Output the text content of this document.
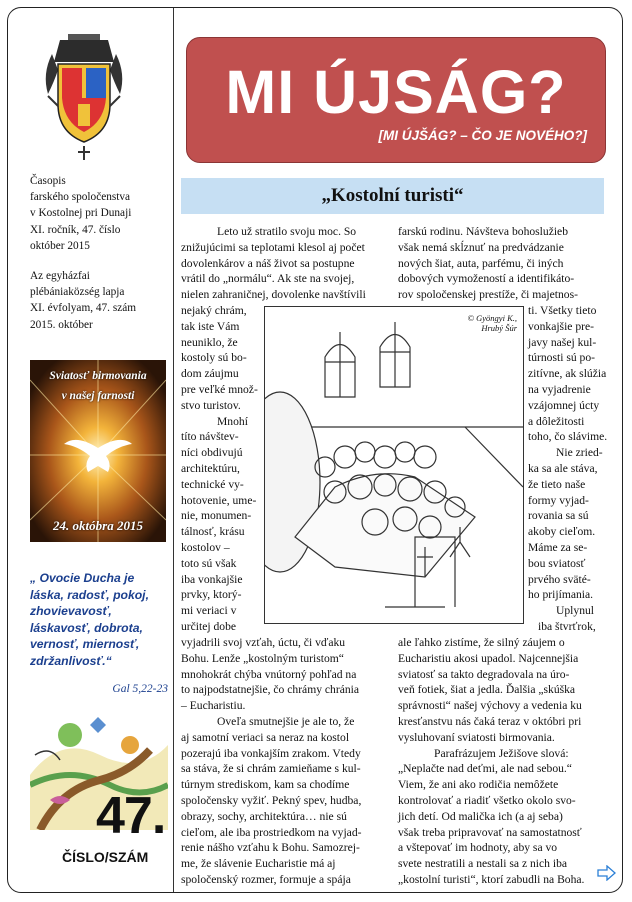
Časopis
farského spoločenstva
v Kostolnej pri Dunaji
XI. ročník, 47. číslo
október 2015
Az egyházfai
plébániaközség lapja
XI. évfolyam, 47. szám
2015. október
Sviatosť birmovania
v našej farnosti
24. októbra 2015
„ Ovocie Ducha je
láska, radosť, pokoj,
zhovievavosť,
láskavosť, dobrota,
vernosť, miernosť,
zdržanlivosť.“
Gal 5,22-23
47.
ČÍSLO/SZÁM
MI ÚJSÁG?
[MI ÚJŠÁG? – ČO JE NOVÉHO?]
„Kostolní turisti“
Leto už stratilo svoju moc. So
znižujúcimi sa teplotami klesol aj počet
dovolenkárov a náš život sa postupne
vrátil do „normálu“. Ak ste na svojej,
nielen zahraničnej, dovolenke navštívili
nejaký chrám,
tak iste Vám
neuniklo, že
kostoly sú bo-
dom záujmu
pre veľké množ-
stvo turistov.
Mnohí
títo návštev-
níci obdivujú
architektúru,
technické vy-
hotovenie, ume-
nie, monumen-
tálnosť, krásu
kostolov –
toto sú však
iba vonkajšie
prvky, ktorý-
mi veriaci v
určitej dobe
vyjadrili svoj vzťah, úctu, či vďaku
Bohu. Lenže „kostolným turistom“
mnohokrát chýba vnútorný pohľad na
to najpodstatnejšie, čo chrámy chránia
– Eucharistiu.
Oveľa smutnejšie je ale to, že
aj samotní veriaci sa neraz na kostol
pozerajú iba vonkajším zrakom. Vtedy
sa stáva, že si chrám zamieňame s kul-
túrnym strediskom, kam sa chodíme
spoločensky vyžiť. Pekný spev, hudba,
obrazy, sochy, architektúra… nie sú
cieľom, ale iba prostriedkom na vyjad-
renie nášho vzťahu k Bohu. Samozrej-
me, že slávenie Eucharistie má aj
spoločenský rozmer, formuje a spája
farskú rodinu. Návšteva bohoslužieb
však nemá skĺznuť na predvádzanie
nových šiat, auta, parfému, či iných
dobových vymožeností a identifikáto-
rov spoločenskej prestíže, či majetnos-
ti. Všetky tieto
vonkajšie pre-
javy našej kul-
túrnosti sú po-
zitívne, ak slúžia
na vyjadrenie
vzájomnej úcty
a dôležitosti
toho, čo slávime.
Nie zried-
ka sa ale stáva,
že tieto naše
formy vyjad-
rovania sa sú
akoby cieľom.
Máme za se-
bou sviatosť
prvého sväté-
ho prijímania.
Uplynul
iba štvrťrok,
ale ľahko zistíme, že silný záujem o
Eucharistiu akosi upadol. Najcennejšia
sviatosť sa takto degradovala na úro-
veň fotiek, šiat a jedla. Ďalšia „skúška
správnosti“ našej výchovy a vedenia ku
kresťanstvu nás čaká teraz v októbri pri
vysluhovaní sviatosti birmovania.
Parafrázujem Ježišove slová:
„Neplačte nad deťmi, ale nad sebou.“
Viem, že ani ako rodičia nemôžete
kontrolovať a riadiť všetko okolo svo-
jich detí. Od malička ich (a aj seba)
však treba pripravovať na samostatnosť
a vštepovať im hodnoty, aby sa vo
svete nestratili a nestali sa z nich iba
„kostolní turisti“, ktorí zabudli na Boha.
© Gyöngyi K.,
Hrubý Šúr
